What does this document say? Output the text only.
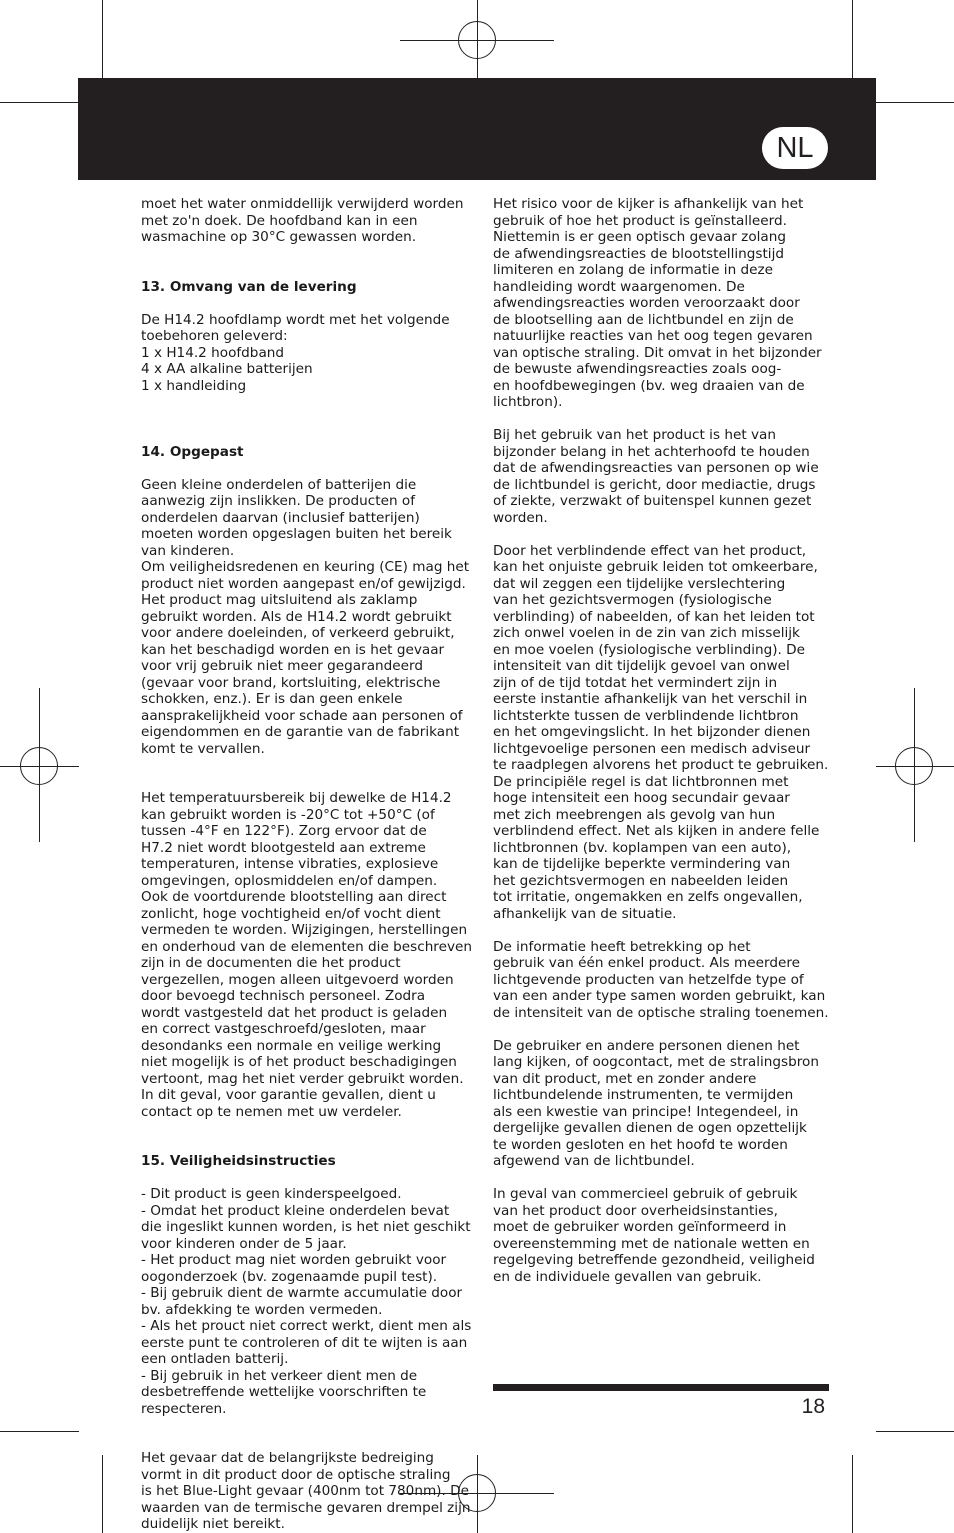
NL

moet het water onmiddellijk verwijderd worden
met zo'n doek. De hoofdband kan in een
wasmachine op 30°C gewassen worden.

13. Omvang van de levering

De H14.2 hoofdlamp wordt met het volgende
toebehoren geleverd:
1 x H14.2 hoofdband
4 x AA alkaline batterijen
1 x handleiding

14. Opgepast

Geen kleine onderdelen of batterijen die
aanwezig zijn inslikken. De producten of
onderdelen daarvan (inclusief batterijen)
moeten worden opgeslagen buiten het bereik
van kinderen.
Om veiligheidsredenen en keuring (CE) mag het
product niet worden aangepast en/of gewijzigd.
Het product mag uitsluitend als zaklamp
gebruikt worden. Als de H14.2 wordt gebruikt
voor andere doeleinden, of verkeerd gebruikt,
kan het beschadigd worden en is het gevaar
voor vrij gebruik niet meer gegarandeerd
(gevaar voor brand, kortsluiting, elektrische
schokken, enz.). Er is dan geen enkele
aansprakelijkheid voor schade aan personen of
eigendommen en de garantie van de fabrikant
komt te vervallen.

Het temperatuursbereik bij dewelke de H14.2
kan gebruikt worden is -20°C tot +50°C (of
tussen -4°F en 122°F). Zorg ervoor dat de
H7.2 niet wordt blootgesteld aan extreme
temperaturen, intense vibraties, explosieve
omgevingen, oplosmiddelen en/of dampen.
Ook de voortdurende blootstelling aan direct
zonlicht, hoge vochtigheid en/of vocht dient
vermeden te worden. Wijzigingen, herstellingen
en onderhoud van de elementen die beschreven
zijn in de documenten die het product
vergezellen, mogen alleen uitgevoerd worden
door bevoegd technisch personeel. Zodra
wordt vastgesteld dat het product is geladen
en correct vastgeschroefd/gesloten, maar
desondanks een normale en veilige werking
niet mogelijk is of het product beschadigingen
vertoont, mag het niet verder gebruikt worden.
In dit geval, voor garantie gevallen, dient u
contact op te nemen met uw verdeler.

15. Veiligheidsinstructies

- Dit product is geen kinderspeelgoed.
- Omdat het product kleine onderdelen bevat
die ingeslikt kunnen worden, is het niet geschikt
voor kinderen onder de 5 jaar.
- Het product mag niet worden gebruikt voor
oogonderzoek (bv. zogenaamde pupil test).
- Bij gebruik dient de warmte accumulatie door
bv. afdekking te worden vermeden.
- Als het prouct niet correct werkt, dient men als
eerste punt te controleren of dit te wijten is aan
een ontladen batterij.
- Bij gebruik in het verkeer dient men de
desbetreffende wettelijke voorschriften te
respecteren.

Het gevaar dat de belangrijkste bedreiging
vormt in dit product door de optische straling
is het Blue-Light gevaar (400nm tot 780nm). De
waarden van de termische gevaren drempel zijn
duidelijk niet bereikt.

Het risico voor de kijker is afhankelijk van het
gebruik of hoe het product is geïnstalleerd.
Niettemin is er geen optisch gevaar zolang
de afwendingsreacties de blootstellingstijd
limiteren en zolang de informatie in deze
handleiding wordt waargenomen. De
afwendingsreacties worden veroorzaakt door
de blootselling aan de lichtbundel en zijn de
natuurlijke reacties van het oog tegen gevaren
van optische straling. Dit omvat in het bijzonder
de bewuste afwendingsreacties zoals oog-
en hoofdbewegingen (bv. weg draaien van de
lichtbron).

Bij het gebruik van het product is het van
bijzonder belang in het achterhoofd te houden
dat de afwendingsreacties van personen op wie
de lichtbundel is gericht, door mediactie, drugs
of ziekte, verzwakt of buitenspel kunnen gezet
worden.

Door het verblindende effect van het product,
kan het onjuiste gebruik leiden tot omkeerbare,
dat wil zeggen een tijdelijke verslechtering
van het gezichtsvermogen (fysiologische
verblinding) of nabeelden, of kan het leiden tot
zich onwel voelen in de zin van zich misselijk
en moe voelen (fysiologische verblinding). De
intensiteit van dit tijdelijk gevoel van onwel
zijn of de tijd totdat het vermindert zijn in
eerste instantie afhankelijk van het verschil in
lichtsterkte tussen de verblindende lichtbron
en het omgevingslicht. In het bijzonder dienen
lichtgevoelige personen een medisch adviseur
te raadplegen alvorens het product te gebruiken.
De principiële regel is dat lichtbronnen met
hoge intensiteit een hoog secundair gevaar
met zich meebrengen als gevolg van hun
verblindend effect. Net als kijken in andere felle
lichtbronnen (bv. koplampen van een auto),
kan de tijdelijke beperkte vermindering van
het gezichtsvermogen en nabeelden leiden
tot irritatie, ongemakken en zelfs ongevallen,
afhankelijk van de situatie.

De informatie heeft betrekking op het
gebruik van één enkel product. Als meerdere
lichtgevende producten van hetzelfde type of
van een ander type samen worden gebruikt, kan
de intensiteit van de optische straling toenemen.

De gebruiker en andere personen dienen het
lang kijken, of oogcontact, met de stralingsbron
van dit product, met en zonder andere
lichtbundelende instrumenten, te vermijden
als een kwestie van principe! Integendeel, in
dergelijke gevallen dienen de ogen opzettelijk
te worden gesloten en het hoofd te worden
afgewend van de lichtbundel.

In geval van commercieel gebruik of gebruik
van het product door overheidsinstanties,
moet de gebruiker worden geïnformeerd in
overeenstemming met de nationale wetten en
regelgeving betreffende gezondheid, veiligheid
en de individuele gevallen van gebruik.

18
